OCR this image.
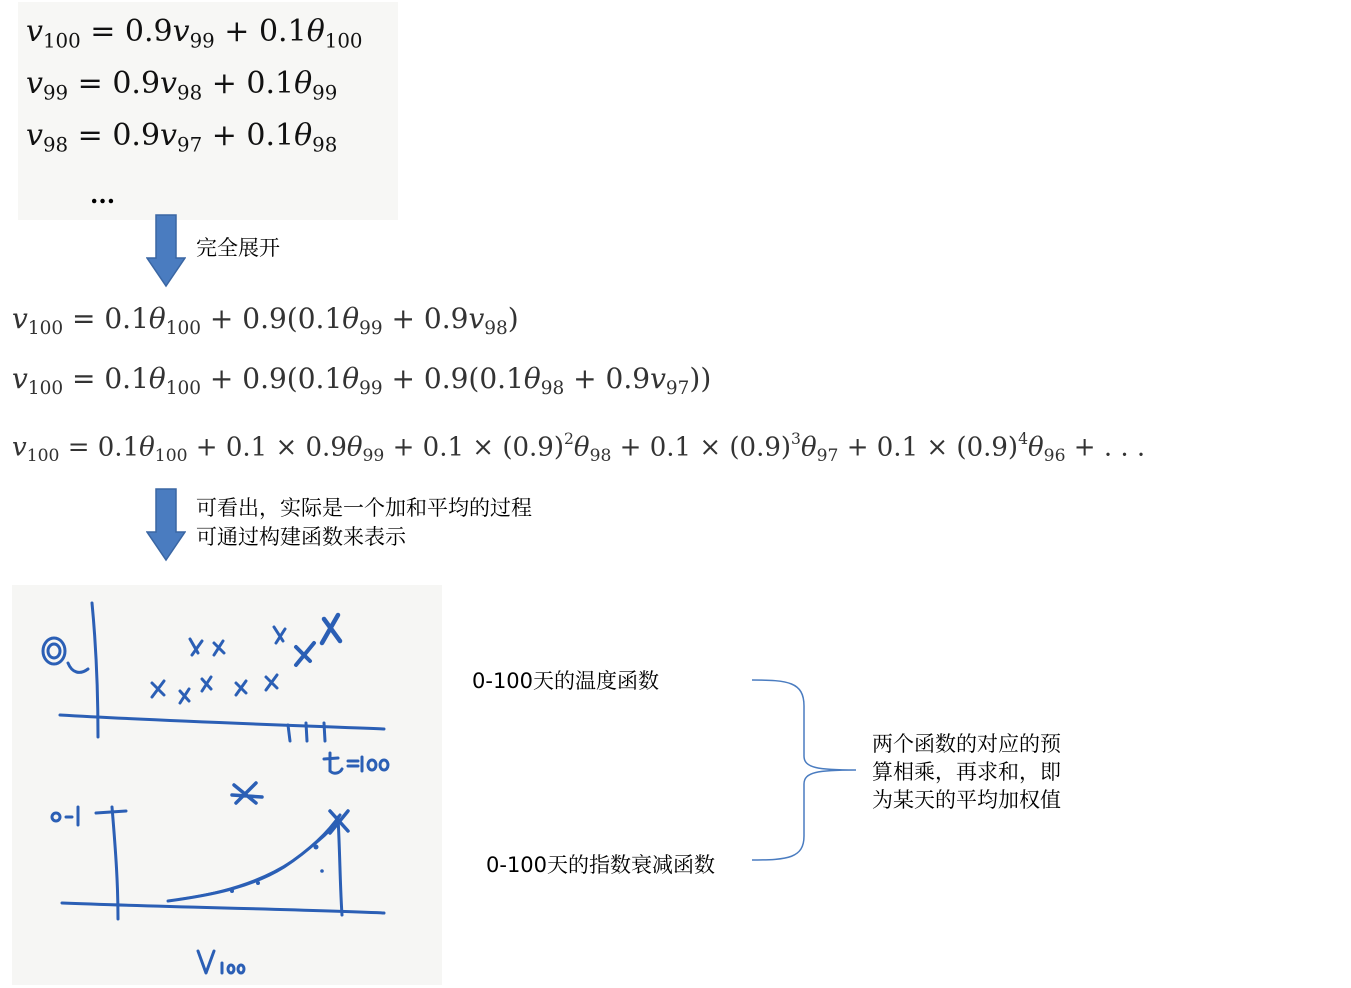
$v_{100} = 0.9v_{99} + 0.1\theta_{100}$
$v_{99} = 0.9v_{98} + 0.1\theta_{99}$
$v_{98} = 0.9v_{97} + 0.1\theta_{98}$
...
完全展开
$v_{100} = 0.1\theta_{100} + 0.9(0.1\theta_{99} + 0.9v_{98})$
$v_{100} = 0.1\theta_{100} + 0.9(0.1\theta_{99} + 0.9(0.1\theta_{98} + 0.9v_{97}))$
$v_{100} = 0.1\theta_{100} + 0.1 \times 0.9\theta_{99} + 0.1 \times (0.9)^2\theta_{98} + 0.1 \times (0.9)^3\theta_{97} + 0.1 \times (0.9)^4\theta_{96}$ + . . .
可看出，实际是一个加和平均的过程
可通过构建函数来表示
0-100天的温度函数
0-100天的指数衰减函数
两个函数的对应的预
算相乘，再求和，即
为某天的平均加权值
